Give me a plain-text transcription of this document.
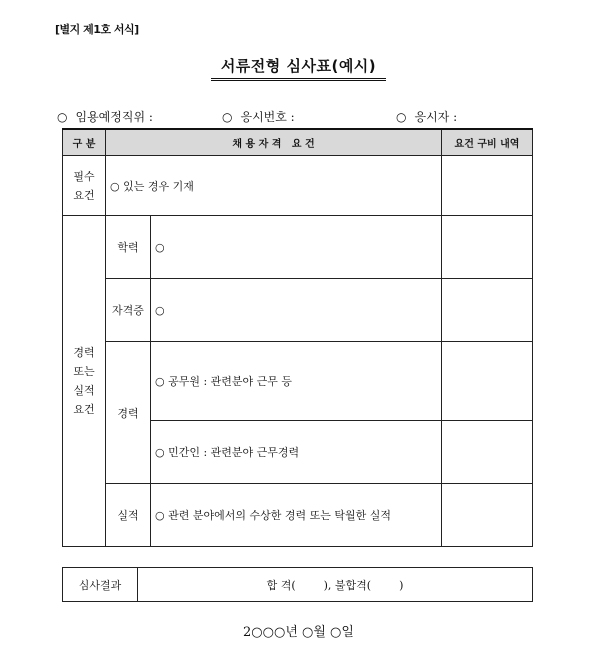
[별지 제1호 서식]
서류전형 심사표(예시)
○ 임용예정직위 :	○ 응시번호 :	○ 응시자 :
구 분	채 용 자 격   요 건		요건 구비 내역

필수
요건	○ 있는 경우 기재		

경력
또는
실적
요건	학력	○	
	자격증	○	
	경력	○ 공무원 : 관련분야 근무 등	
		○ 민간인 : 관련분야 근무경력	
	실적	○ 관련 분야에서의 수상한 경력 또는 탁월한 실적	
심사결과	합 격(        ), 불합격(        )
2○○○년 ○월 ○일
